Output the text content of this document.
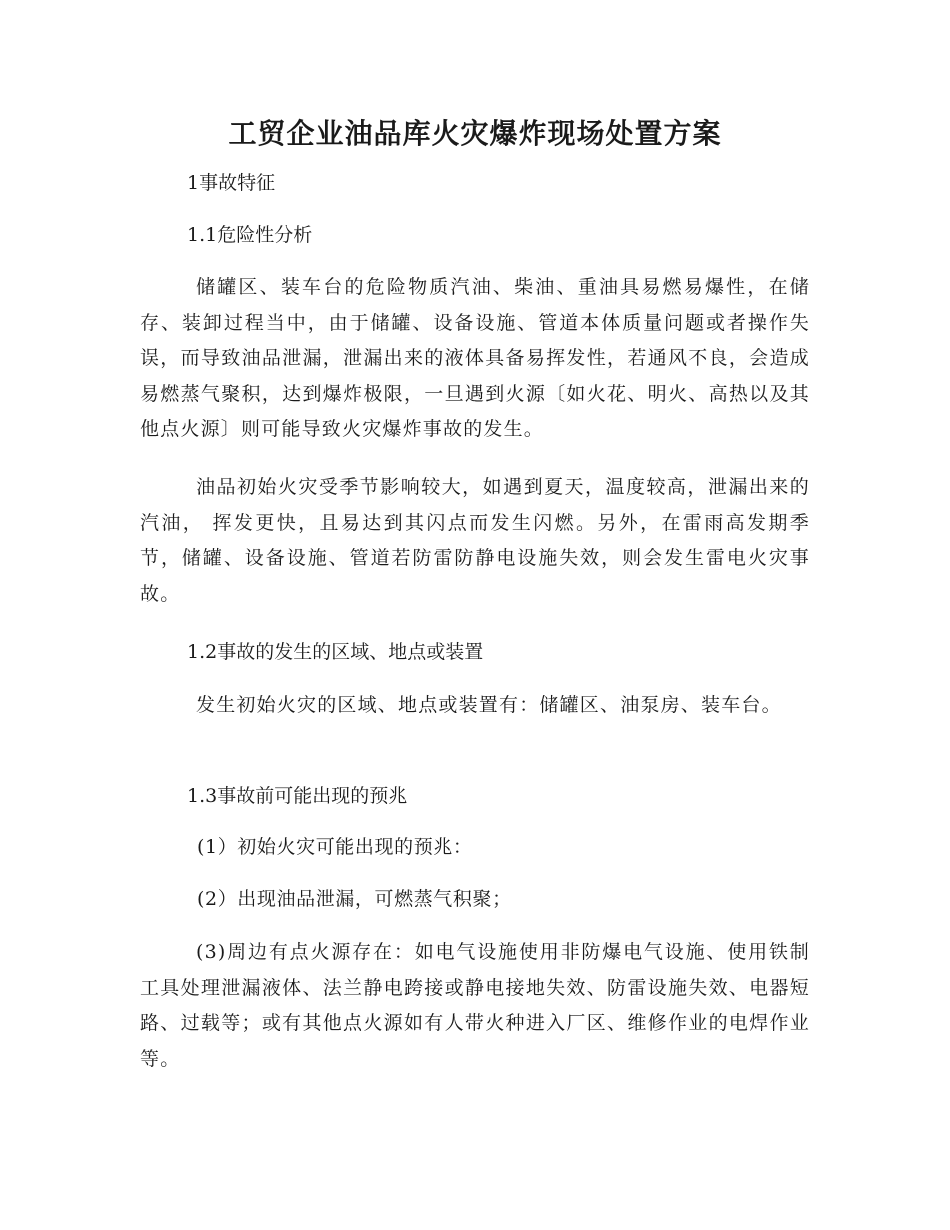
工贸企业油品库火灾爆炸现场处置方案

1事故特征

1.1危险性分析

储罐区、装车台的危险物质汽油、柴油、重油具易燃易爆性，在储存、装卸过程当中，由于储罐、设备设施、管道本体质量问题或者操作失误，而导致油品泄漏，泄漏出来的液体具备易挥发性，若通风不良，会造成易燃蒸气聚积，达到爆炸极限，一旦遇到火源〔如火花、明火、高热以及其他点火源〕则可能导致火灾爆炸事故的发生。

油品初始火灾受季节影响较大，如遇到夏天，温度较高，泄漏出来的汽油， 挥发更快，且易达到其闪点而发生闪燃。另外，在雷雨高发期季节，储罐、设备设施、管道若防雷防静电设施失效，则会发生雷电火灾事故。

1.2事故的发生的区域、地点或装置

发生初始火灾的区域、地点或装置有：储罐区、油泵房、装车台。

1.3事故前可能出现的预兆

(1）初始火灾可能出现的预兆：

(2）出现油品泄漏，可燃蒸气积聚；

(3)周边有点火源存在：如电气设施使用非防爆电气设施、使用铁制工具处理泄漏液体、法兰静电跨接或静电接地失效、防雷设施失效、电器短路、过载等；或有其他点火源如有人带火种进入厂区、维修作业的电焊作业等。
